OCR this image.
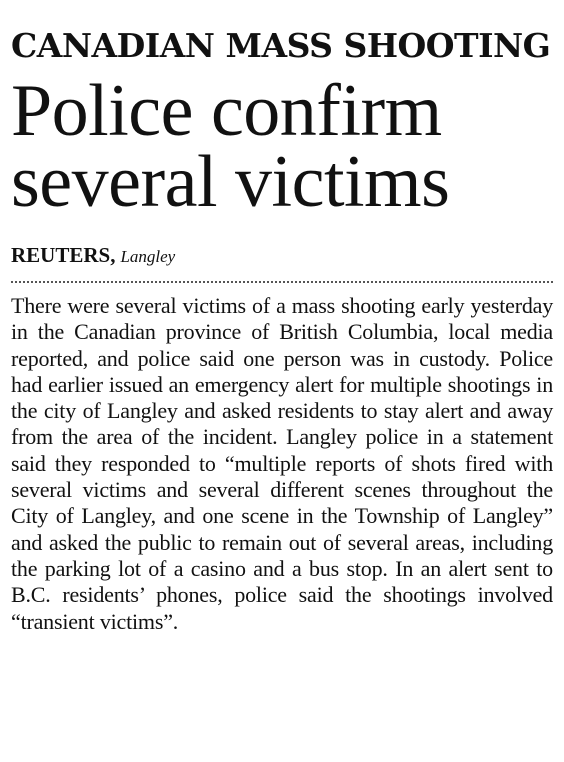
CANADIAN MASS SHOOTING
Police confirm several victims
REUTERS, Langley

There were several victims of a mass shooting early yesterday in the Canadian province of British Columbia, local media reported, and police said one person was in custody. Police had earlier issued an emergency alert for multiple shootings in the city of Langley and asked residents to stay alert and away from the area of the incident. Langley police in a statement said they responded to “multiple reports of shots fired with several victims and several different scenes throughout the City of Langley, and one scene in the Township of Langley” and asked the public to remain out of several areas, including the parking lot of a casino and a bus stop. In an alert sent to B.C. residents’ phones, police said the shootings involved “transient victims”.
